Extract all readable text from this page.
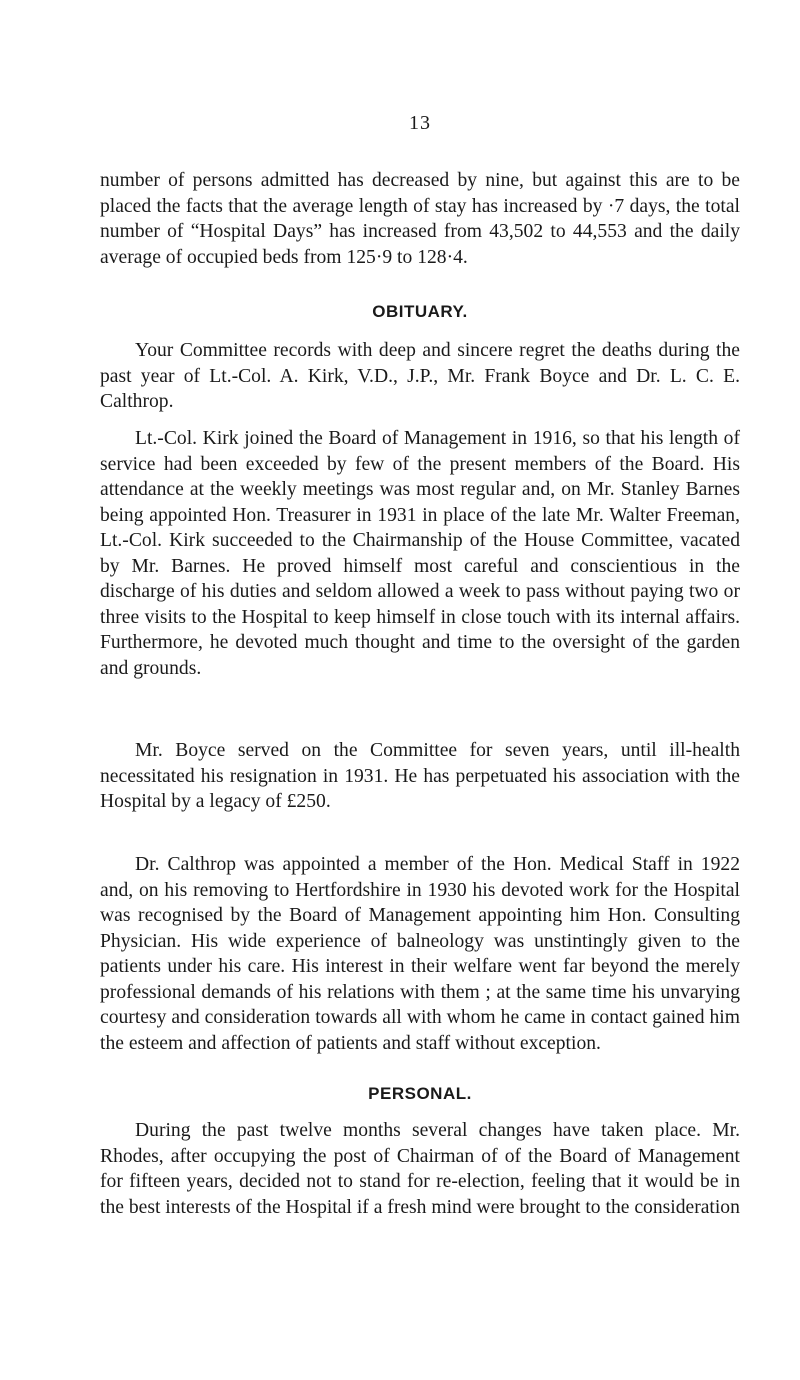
13

number of persons admitted has decreased by nine, but against this are to be placed the facts that the average length of stay has increased by ·7 days, the total number of “Hospital Days” has increased from 43,502 to 44,553 and the daily average of occupied beds from 125·9 to 128·4.

OBITUARY.

Your Committee records with deep and sincere regret the deaths during the past year of Lt.-Col. A. Kirk, V.D., J.P., Mr. Frank Boyce and Dr. L. C. E. Calthrop.

Lt.-Col. Kirk joined the Board of Management in 1916, so that his length of service had been exceeded by few of the present members of the Board. His attendance at the weekly meetings was most regular and, on Mr. Stanley Barnes being appointed Hon. Treasurer in 1931 in place of the late Mr. Walter Freeman, Lt.-Col. Kirk succeeded to the Chairmanship of the House Committee, vacated by Mr. Barnes. He proved himself most careful and conscientious in the discharge of his duties and seldom allowed a week to pass without paying two or three visits to the Hospital to keep himself in close touch with its internal affairs. Furthermore, he devoted much thought and time to the oversight of the garden and grounds.

Mr. Boyce served on the Committee for seven years, until ill-health necessitated his resignation in 1931. He has perpetuated his association with the Hospital by a legacy of £250.

Dr. Calthrop was appointed a member of the Hon. Medical Staff in 1922 and, on his removing to Hertfordshire in 1930 his devoted work for the Hospital was recognised by the Board of Management appointing him Hon. Consulting Physician. His wide experience of balneology was unstintingly given to the patients under his care. His interest in their welfare went far beyond the merely professional demands of his relations with them ; at the same time his unvarying courtesy and consideration towards all with whom he came in contact gained him the esteem and affection of patients and staff without exception.

PERSONAL.

During the past twelve months several changes have taken place. Mr. Rhodes, after occupying the post of Chairman of of the Board of Management for fifteen years, decided not to stand for re-election, feeling that it would be in the best interests of the Hospital if a fresh mind were brought to the consideration
